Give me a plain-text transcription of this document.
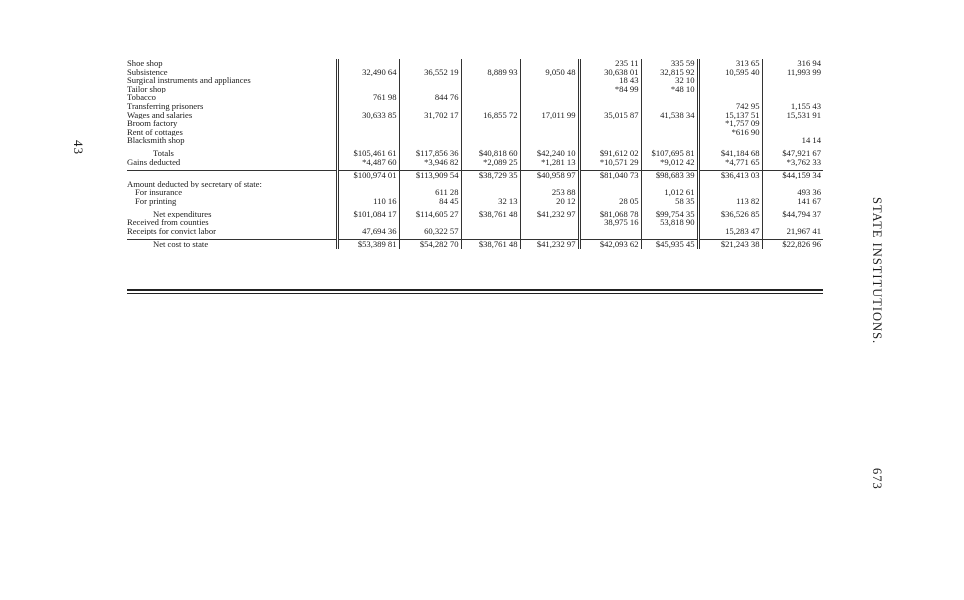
43
STATE INSTITUTIONS.
673
Shoe shop					235 11	335 59	313 65	316 94
Subsistence	32,490 64	36,552 19	8,889 93	9,050 48	30,638 01	32,815 92	10,595 40	11,993 99
Surgical instruments and appliances					18 43	32 10		
Tailor shop					*84 99	*48 10		
Tobacco	761 98	844 76						
Transferring prisoners							742 95	1,155 43
Wages and salaries	30,633 85	31,702 17	16,855 72	17,011 99	35,015 87	41,538 34	15,137 51	15,531 91
Broom factory							*1,757 09	
Rent of cottages							*616 90	
Blacksmith shop								14 14

Totals	$105,461 61	$117,856 36	$40,818 60	$42,240 10	$91,612 02	$107,695 81	$41,184 68	$47,921 67
Gains deducted	*4,487 60	*3,946 82	*2,089 25	*1,281 13	*10,571 29	*9,012 42	*4,771 65	*3,762 33

	$100,974 01	$113,909 54	$38,729 35	$40,958 97	$81,040 73	$98,683 39	$36,413 03	$44,159 34
Amount deducted by secretary of state:								
For insurance		611 28		253 88		1,012 61		493 36
For printing	110 16	84 45	32 13	20 12	28 05	58 35	113 82	141 67

Net expenditures	$101,084 17	$114,605 27	$38,761 48	$41,232 97	$81,068 78	$99,754 35	$36,526 85	$44,794 37
Received from counties					38,975 16	53,818 90		
Receipts for convict labor	47,694 36	60,322 57					15,283 47	21,967 41

Net cost to state	$53,389 81	$54,282 70	$38,761 48	$41,232 97	$42,093 62	$45,935 45	$21,243 38	$22,826 96
